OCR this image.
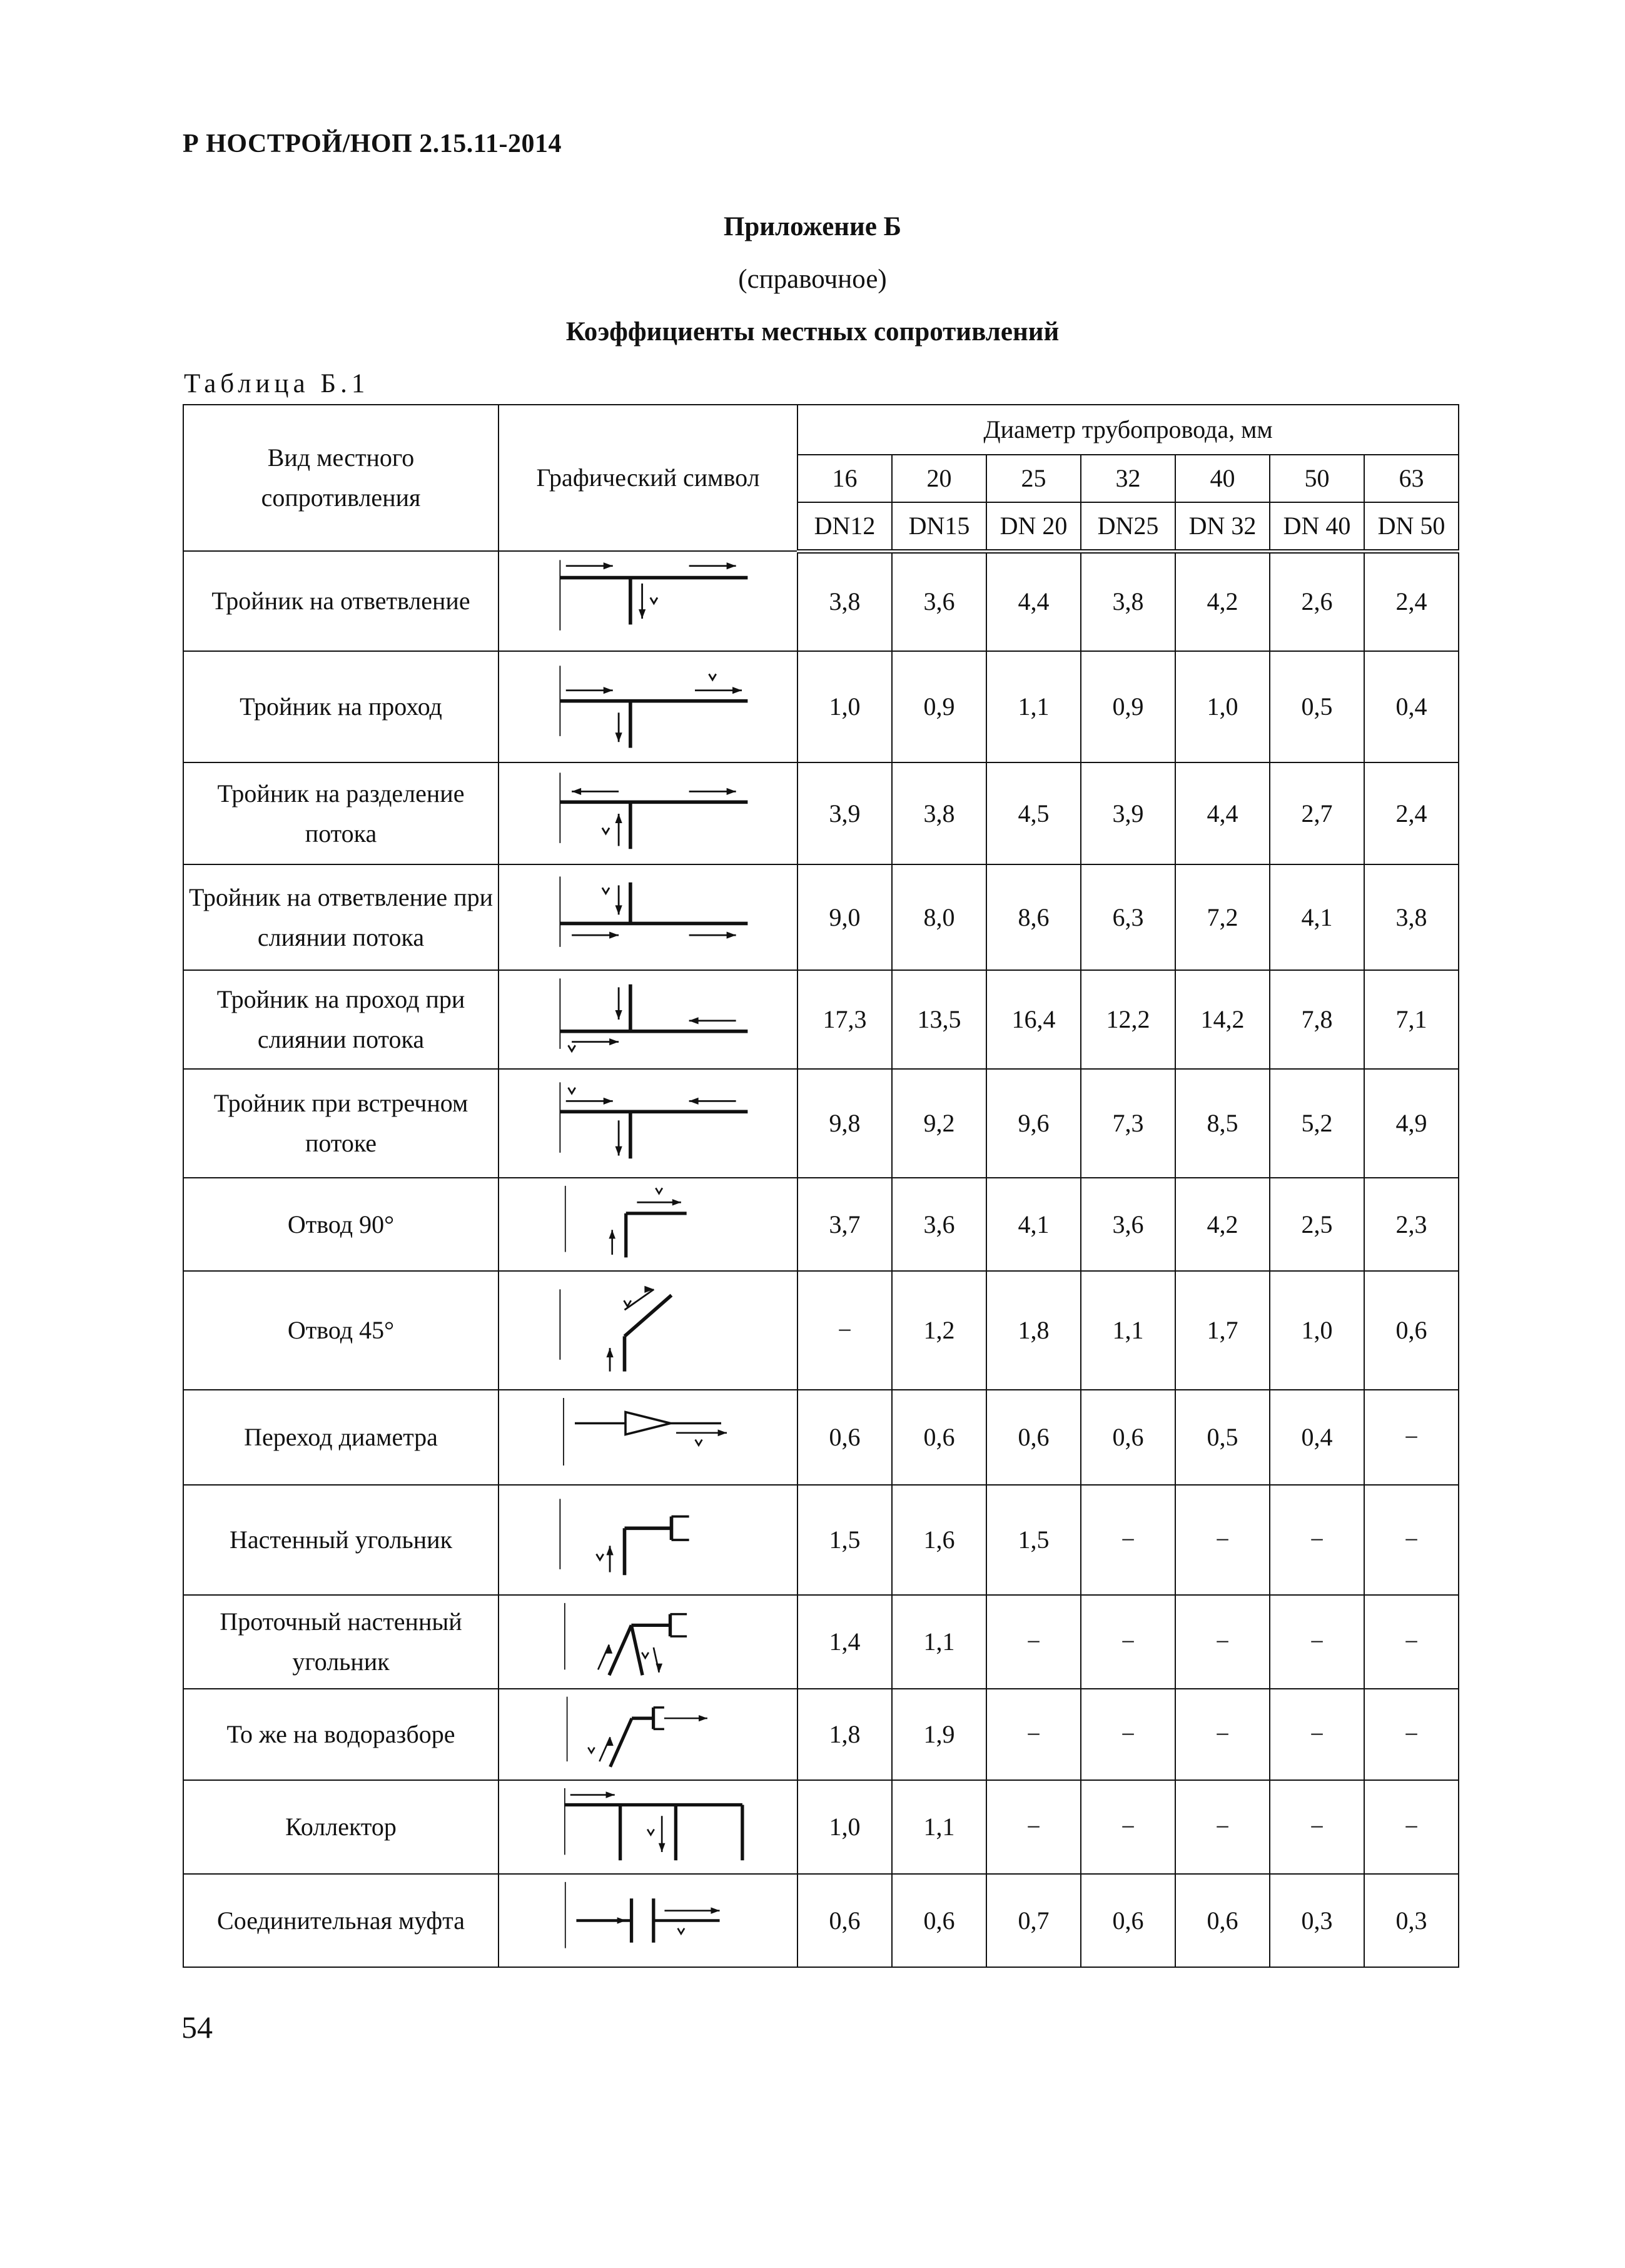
Р НОСТРОЙ/НОП 2.15.11-2014
Приложение Б
(справочное)
Коэффициенты местных сопротивлений
Таблица Б.1
Вид местного сопротивления	Графический символ	Диаметр трубопровода, мм						
		16	20	25	32	40	50	63
		DN12	DN15	DN 20	DN25	DN 32	DN 40	DN 50
Тройник на ответвление		3,8	3,6	4,4	3,8	4,2	2,6	2,4
Тройник на проход		1,0	0,9	1,1	0,9	1,0	0,5	0,4
Тройник на разделение потока		3,9	3,8	4,5	3,9	4,4	2,7	2,4
Тройник на ответвление при слиянии потока		9,0	8,0	8,6	6,3	7,2	4,1	3,8
Тройник на проход при слиянии потока		17,3	13,5	16,4	12,2	14,2	7,8	7,1
Тройник при встречном потоке		9,8	9,2	9,6	7,3	8,5	5,2	4,9
Отвод 90°		3,7	3,6	4,1	3,6	4,2	2,5	2,3
Отвод 45°		−	1,2	1,8	1,1	1,7	1,0	0,6
Переход диаметра		0,6	0,6	0,6	0,6	0,5	0,4	−
Настенный угольник		1,5	1,6	1,5	−	−	−	−
Проточный настенный угольник		1,4	1,1	−	−	−	−	−
То же на водоразборе		1,8	1,9	−	−	−	−	−
Коллектор		1,0	1,1	−	−	−	−	−
Соединительная муфта		0,6	0,6	0,7	0,6	0,6	0,3	0,3
54
